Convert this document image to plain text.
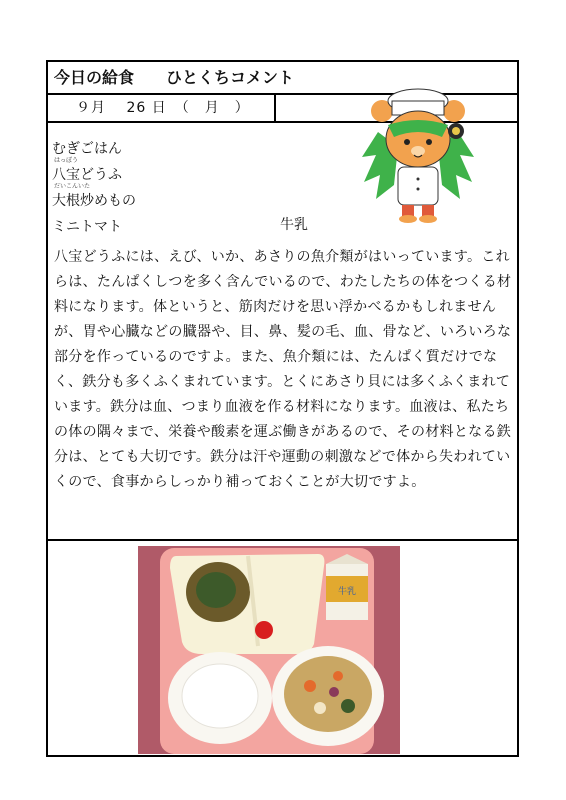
今日の給食　　ひとくちコメント
９月　 26 日　（　月　）
むぎごはん
はっぽう
八宝どうふ
だいこんいた
大根炒めもの
ミニトマト	牛乳
八宝どうふには、えび、いか、あさりの魚介類がはいっています。これらは、たんぱくしつを多く含んでいるので、わたしたちの体をつくる材料になります。体というと、筋肉だけを思い浮かべるかもしれませんが、胃や心臓などの臓器や、目、鼻、髪の毛、血、骨など、いろいろな部分を作っているのですよ。また、魚介類には、たんぱく質だけでなく、鉄分も多くふくまれています。とくにあさり貝には多くふくまれています。鉄分は血、つまり血液を作る材料になります。血液は、私たちの体の隅々まで、栄養や酸素を運ぶ働きがあるので、その材料となる鉄分は、とても大切です。鉄分は汗や運動の刺激などで体から失われていくので、食事からしっかり補っておくことが大切ですよ。
牛乳
